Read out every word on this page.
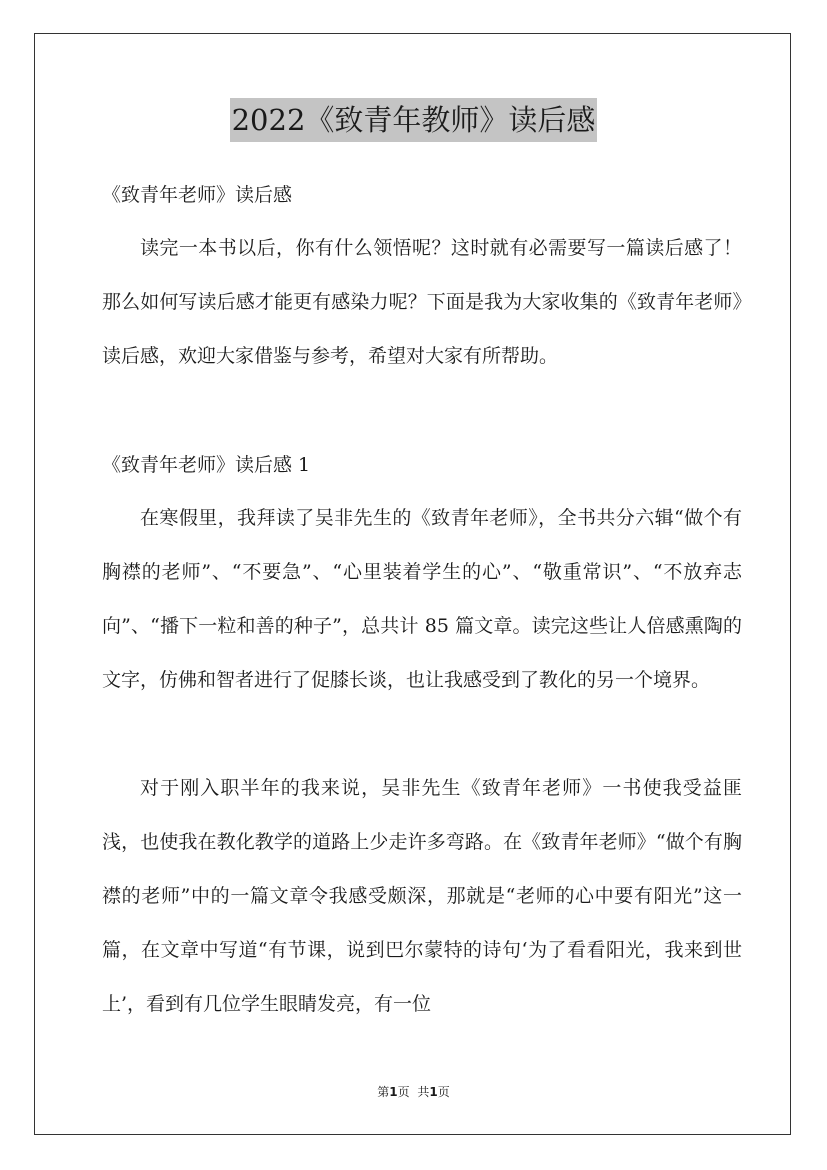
2022《致青年教师》读后感
《致青年老师》读后感

读完一本书以后，你有什么领悟呢？这时就有必需要写一篇读后感了！那么如何写读后感才能更有感染力呢？下面是我为大家收集的《致青年老师》读后感，欢迎大家借鉴与参考，希望对大家有所帮助。

《致青年老师》读后感 1

在寒假里，我拜读了吴非先生的《致青年老师》，全书共分六辑“做个有胸襟的老师”、“不要急”、“心里装着学生的心”、“敬重常识”、“不放弃志向”、“播下一粒和善的种子”，总共计 85 篇文章。读完这些让人倍感熏陶的文字，仿佛和智者进行了促膝长谈，也让我感受到了教化的另一个境界。

对于刚入职半年的我来说，吴非先生《致青年老师》一书使我受益匪浅，也使我在教化教学的道路上少走许多弯路。在《致青年老师》“做个有胸襟的老师”中的一篇文章令我感受颇深，那就是“老师的心中要有阳光”这一篇，在文章中写道“有节课，说到巴尔蒙特的诗句‘为了看看阳光，我来到世上’，看到有几位学生眼睛发亮，有一位

第1页 共1页
